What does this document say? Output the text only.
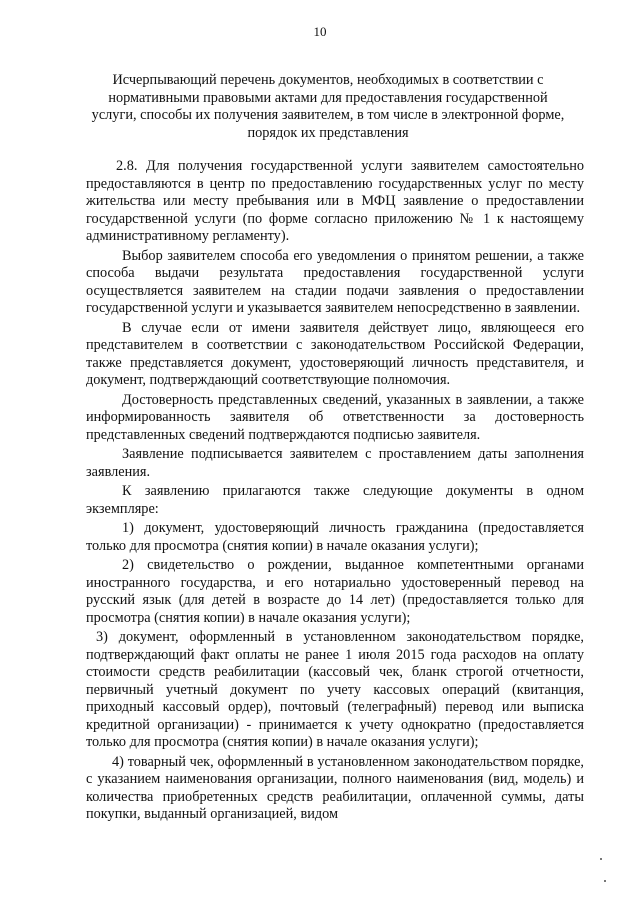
10
Исчерпывающий перечень документов, необходимых в соответствии с нормативными правовыми актами для предоставления государственной услуги, способы их получения заявителем, в том числе в электронной форме, порядок их представления

2.8. Для получения государственной услуги заявителем самостоятельно предоставляются в центр по предоставлению государственных услуг по месту жительства или месту пребывания или в МФЦ заявление о предоставлении государственной услуги (по форме согласно приложению № 1 к настоящему административному регламенту).

Выбор заявителем способа его уведомления о принятом решении, а также способа выдачи результата предоставления государственной услуги осуществляется заявителем на стадии подачи заявления о предоставлении государственной услуги и указывается заявителем непосредственно в заявлении.

В случае если от имени заявителя действует лицо, являющееся его представителем в соответствии с законодательством Российской Федерации, также представляется документ, удостоверяющий личность представителя, и документ, подтверждающий соответствующие полномочия.

Достоверность представленных сведений, указанных в заявлении, а также информированность заявителя об ответственности за достоверность представленных сведений подтверждаются подписью заявителя.

Заявление подписывается заявителем с проставлением даты заполнения заявления.

К заявлению прилагаются также следующие документы в одном экземпляре:

1) документ, удостоверяющий личность гражданина (предоставляется только для просмотра (снятия копии) в начале оказания услуги);

2) свидетельство о рождении, выданное компетентными органами иностранного государства, и его нотариально удостоверенный перевод на русский язык (для детей в возрасте до 14 лет) (предоставляется только для просмотра (снятия копии) в начале оказания услуги);

3) документ, оформленный в установленном законодательством порядке, подтверждающий факт оплаты не ранее 1 июля 2015 года расходов на оплату стоимости средств реабилитации (кассовый чек, бланк строгой отчетности, первичный учетный документ по учету кассовых операций (квитанция, приходный кассовый ордер), почтовый (телеграфный) перевод или выписка кредитной организации) - принимается к учету однократно (предоставляется только для просмотра (снятия копии) в начале оказания услуги);

4) товарный чек, оформленный в установленном законодательством порядке, с указанием наименования организации, полного наименования (вид, модель) и количества приобретенных средств реабилитации, оплаченной суммы, даты покупки, выданный организацией, видом
